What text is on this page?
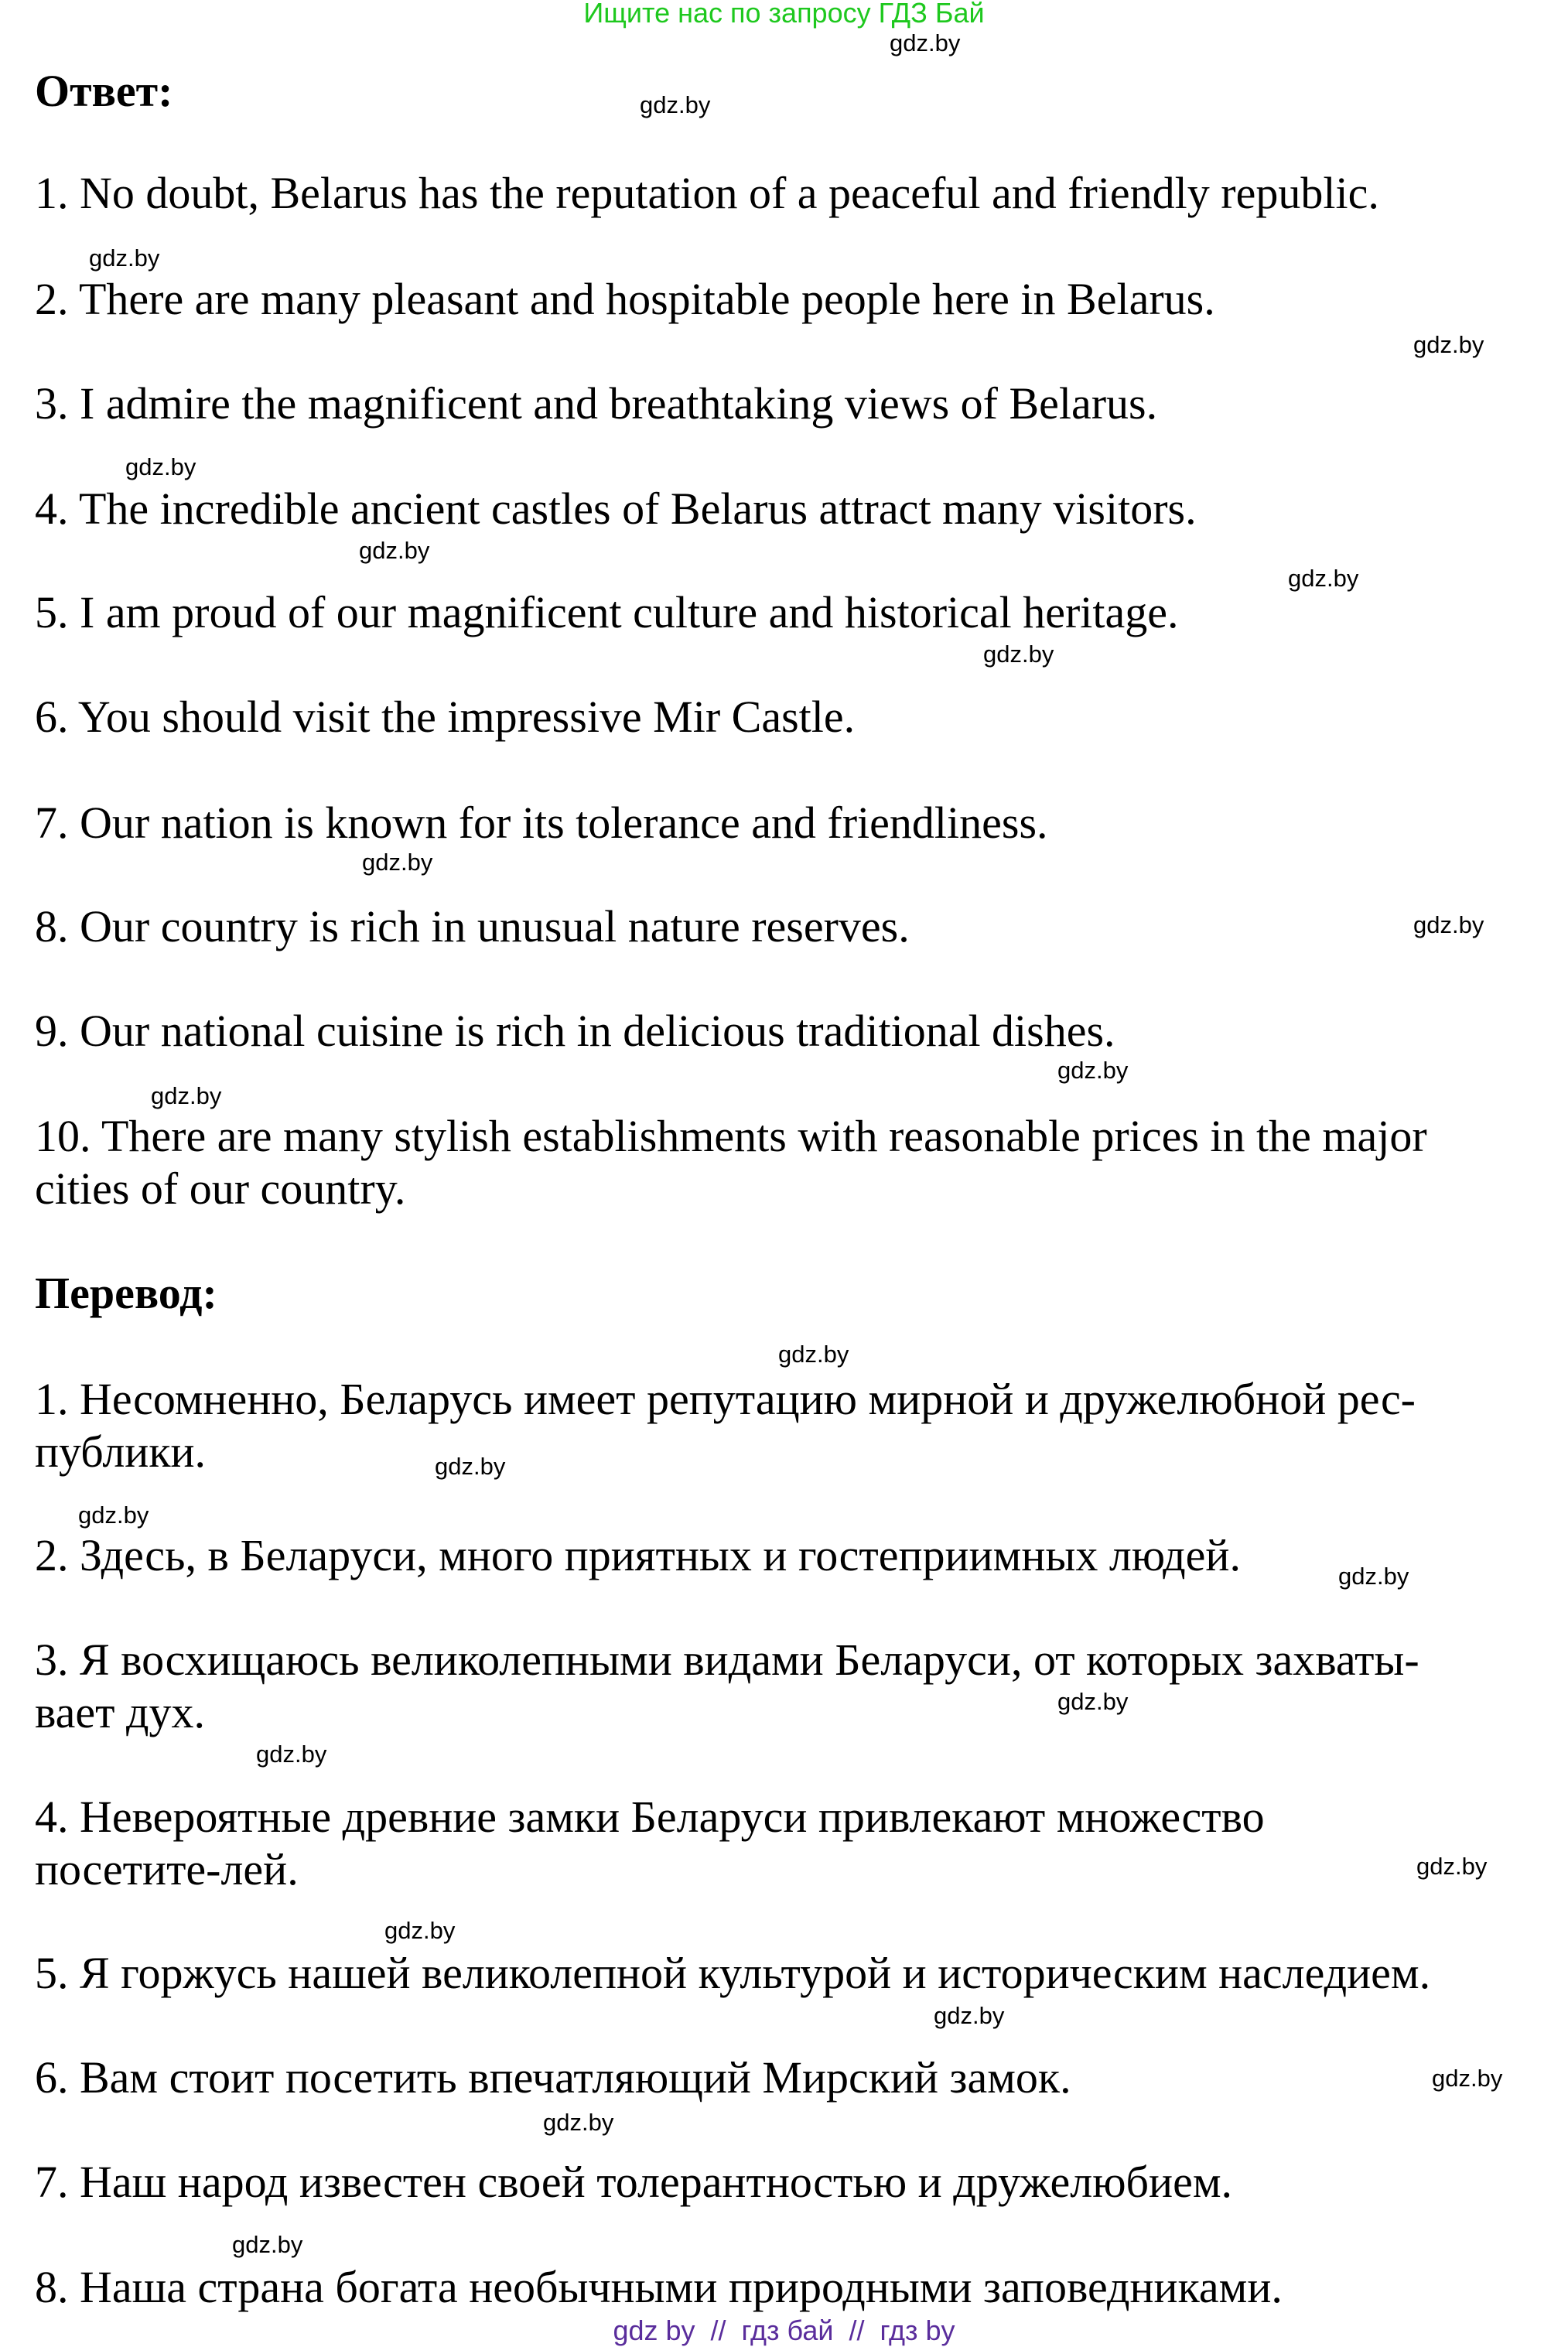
Ищите нас по запросу ГДЗ Бай
Ответ:
1. No doubt, Belarus has the reputation of a peaceful and friendly republic.
2. There are many pleasant and hospitable people here in Belarus.
3. I admire the magnificent and breathtaking views of Belarus.
4. The incredible ancient castles of Belarus attract many visitors.
5. I am proud of our magnificent culture and historical heritage.
6. You should visit the impressive Mir Castle.
7. Our nation is known for its tolerance and friendliness.
8. Our country is rich in unusual nature reserves.
9. Our national cuisine is rich in delicious traditional dishes.
10. There are many stylish establishments with reasonable prices in the major cities of our country.
Перевод:
1. Несомненно, Беларусь имеет репутацию мирной и дружелюбной рес-публики.
2. Здесь, в Беларуси, много приятных и гостеприимных людей.
3. Я восхищаюсь великолепными видами Беларуси, от которых захваты-вает дух.
4. Невероятные древние замки Беларуси привлекают множество посетите-лей.
5. Я горжусь нашей великолепной культурой и историческим наследием.
6. Вам стоит посетить впечатляющий Мирский замок.
7. Наш народ известен своей толерантностью и дружелюбием.
8. Наша страна богата необычными природными заповедниками.
gdz.by
gdz.by
gdz.by
gdz.by
gdz.by
gdz.by
gdz.by
gdz.by
gdz.by
gdz.by
gdz.by
gdz.by
gdz.by
gdz.by
gdz.by
gdz.by
gdz.by
gdz.by
gdz.by
gdz.by
gdz.by
gdz.by
gdz.by
gdz.by
gdz by  //  гдз бай  //  гдз by
